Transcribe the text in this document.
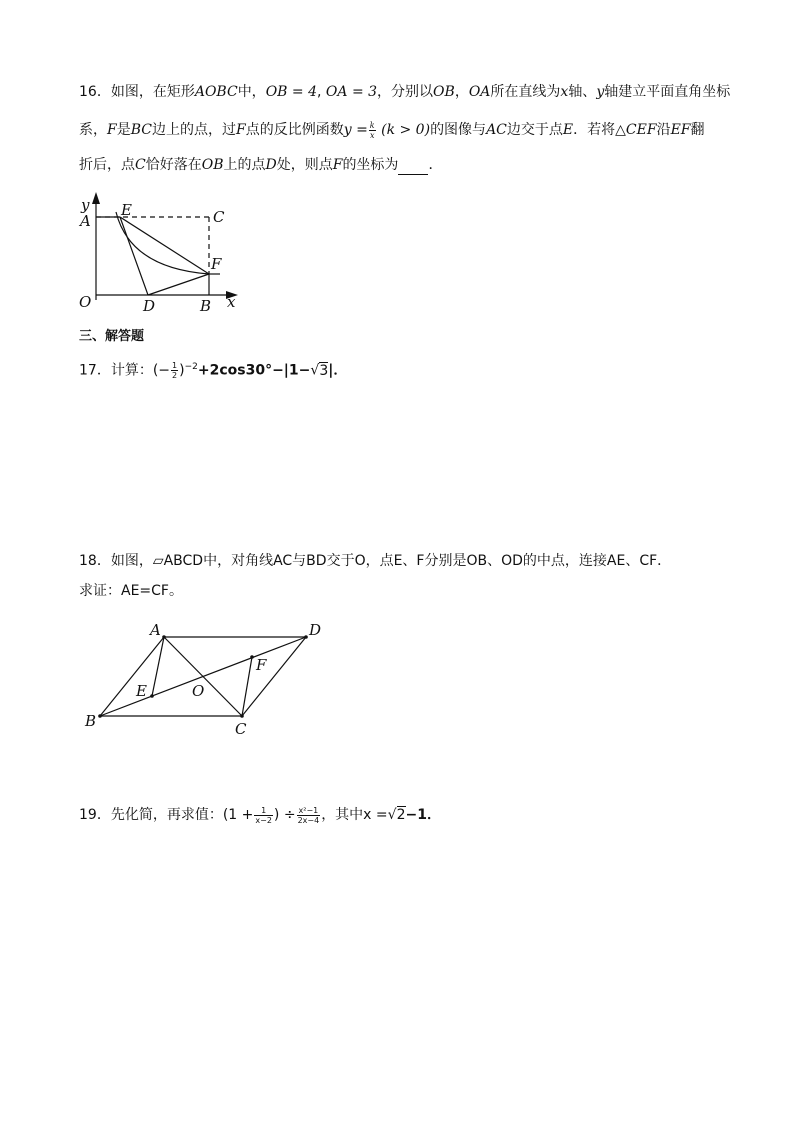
16．如图，在矩形AOBC中，OB = 4, OA = 3，分别以OB，OA所在直线为x轴、y轴建立平面直角坐标
系，F是BC边上的点，过F点的反比例函数$y = \frac{k}{x} (k > 0)$的图像与AC边交于点E．若将△CEF沿EF翻
折后，点C恰好落在OB上的点D处，则点F的坐标为 ．
y
A
E	C
F
O	D	B x
三、解答题
17．计算：(− $\frac{1}{2} )^{-2}+2\cos 30^\circ-|1-√3|$．
18．如图，▱ABCD中，对角线AC与BD交于O，点E、F分别是OB、OD的中点，连接AE、CF．
求证：AE=CF。
A	D
F
E	O
B	C
19．先化简，再求值：($1 + \frac{1}{x-2}$ ) ÷ $\frac{\text{x²−1}}{2x-4}$ ，其中x =√2−1．
